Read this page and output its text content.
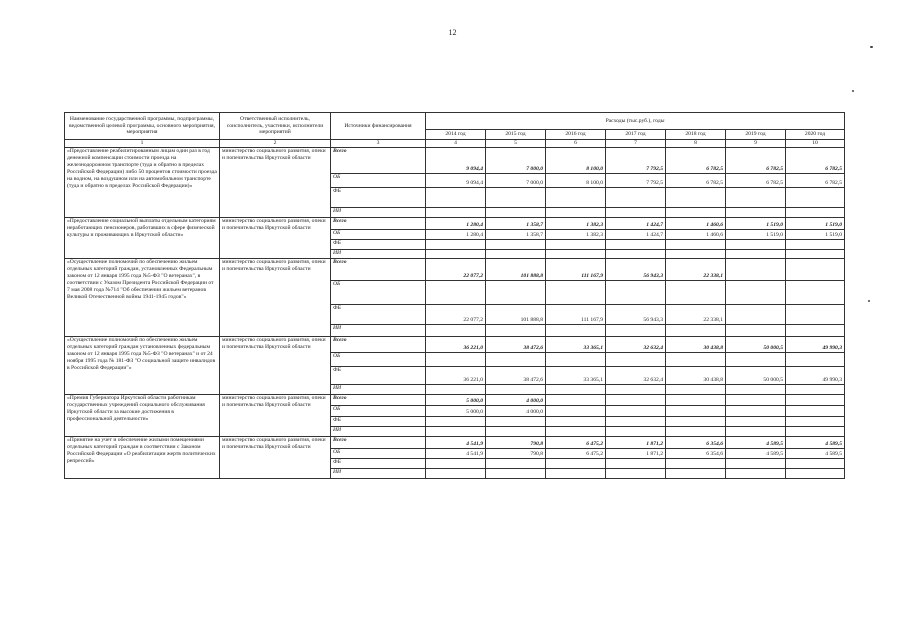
12
Наименование государственной программы, подпрограммы, ведомственной целевой программы, основного мероприятия, мероприятия	Ответственный исполнитель, соисполнитель, участники, исполнители мероприятий	Источники финансирования	Расходы (тыс.руб.), годы						
			2014 год	2015 год	2016 год	2017 год	2018 год	2019 год	2020 год
1	2	3	4	5	6	7	8	9	10
«Предоставление реабилитированным лицам один раз в год денежной компенсации стоимости проезда на железнодорожном транспорте (туда и обратно в пределах Российской Федерации) либо 50 процентов стоимости проезда на водном, на воздушном или на автомобильном транспорте (туда и обратно в пределах Российской Федерации)»	министерство социального развития, опеки и попечительства Иркутской области	Всего	9 094,4	7 000,0	8 100,0	7 792,5	6 782,5	6 782,5	6 782,5
		ОБ	9 094,4	7 000,0	8 100,0	7 792,5	6 782,5	6 782,5	6 782,5
		ФБ							
		ИИ							
«Предоставление социальной выплаты отдельным категориям неработающих пенсионеров, работавших в сфере физической культуры и проживающих в Иркутской области»	министерство социального развития, опеки и попечительства Иркутской области	Всего	1 280,4	1 358,7	1 382,3	1 424,7	1 460,6	1 519,0	1 519,0
		ОБ	1 280,4	1 358,7	1 382,3	1 424,7	1 460,6	1 519,0	1 519,0
		ФБ							
		ИИ							
«Осуществление полномочий по обеспечению жильем отдельных категорий граждан, установленных Федеральным законом от 12 января 1995 года №5-ФЗ "О ветеранах", в соответствии с Указом Президента Российской Федерации от 7 мая 2008 года №714 "Об обеспечении жильем ветеранов Великой Отечественной войны 1941-1945 годов"»	министерство социального развития, опеки и попечительства Иркутской области	Всего	22 077,2	101 888,8	111 167,9	56 943,3	22 338,1		
		ОБ							
		ФБ	22 077,2	101 888,8	111 167,9	56 943,3	22 338,1		
		ИИ							
«Осуществление полномочий по обеспечению жильем отдельных категорий граждан установленных федеральным законом от 12 января 1995 года №5-ФЗ "О ветеранах" и от 24 ноября 1995 года № 181-ФЗ "О социальной защите инвалидов в Российской Федерации"»	министерство социального развития, опеки и попечительства Иркутской области	Всего	36 221,0	38 472,6	33 365,1	32 632,4	30 438,8	50 000,5	49 990,3
		ОБ							
		ФБ	36 221,0	38 472,6	33 365,1	32 632,4	30 438,8	50 000,5	49 990,3
		ИИ							
«Премия Губернатора Иркутской области работникам государственных учреждений социального обслуживания Иркутской области за высокие достижения в профессиональной деятельности»	министерство социального развития, опеки и попечительства Иркутской области	Всего	5 000,0	4 000,0					
		ОБ	5 000,0	4 000,0					
		ФБ							
		ИИ							
«Принятие на учет и обеспечение жилыми помещениями отдельных категорий граждан в соответствии с Законом Российской Федерации «О реабилитации жертв политических репрессий»	министерство социального развития, опеки и попечительства Иркутской области	Всего	4 541,9	790,8	6 475,2	1 871,2	6 354,6	4 589,5	4 589,5
		ОБ	4 541,9	790,8	6 475,2	1 871,2	6 354,6	4 589,5	4 589,5
		ФБ							
		ИИ							
